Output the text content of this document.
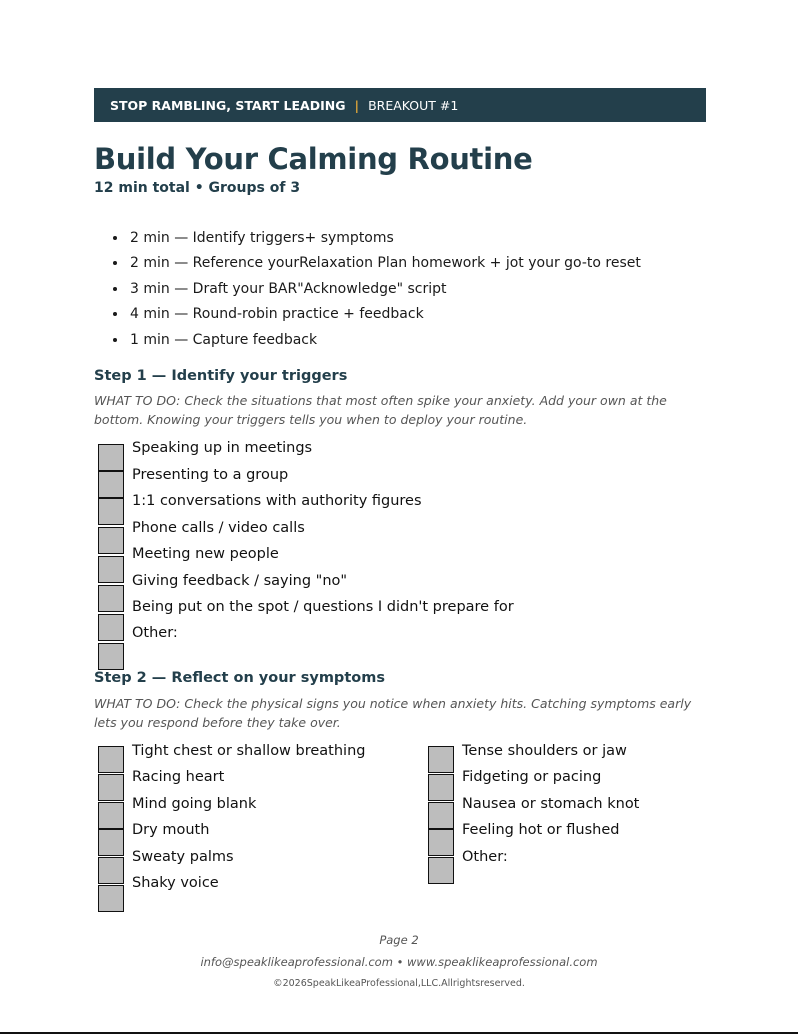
STOP RAMBLING, START LEADING | BREAKOUT #1
Build Your Calming Routine
12 min total • Groups of 3
• 2 min — Identify triggers+ symptoms
• 2 min — Reference yourRelaxation Plan homework + jot your go-to reset
• 3 min — Draft your BAR"Acknowledge" script
• 4 min — Round-robin practice + feedback
• 1 min — Capture feedback
Step 1 — Identify your triggers
WHAT TO DO: Check the situations that most often spike your anxiety. Add your own at the bottom. Knowing your triggers tells you when to deploy your routine.
Speaking up in meetings
Presenting to a group
1:1 conversations with authority figures
Phone calls / video calls
Meeting new people
Giving feedback / saying "no"
Being put on the spot / questions I didn't prepare for
Other:
Step 2 — Reflect on your symptoms
WHAT TO DO: Check the physical signs you notice when anxiety hits. Catching symptoms early lets you respond before they take over.
Tight chest or shallow breathing
Racing heart
Mind going blank
Dry mouth
Sweaty palms
Shaky voice
Tense shoulders or jaw
Fidgeting or pacing
Nausea or stomach knot
Feeling hot or flushed
Other:
Page 2
info@speaklikeaprofessional.com • www.speaklikeaprofessional.com
©2026SpeakLikeaProfessional,LLC.Allrightsreserved.
